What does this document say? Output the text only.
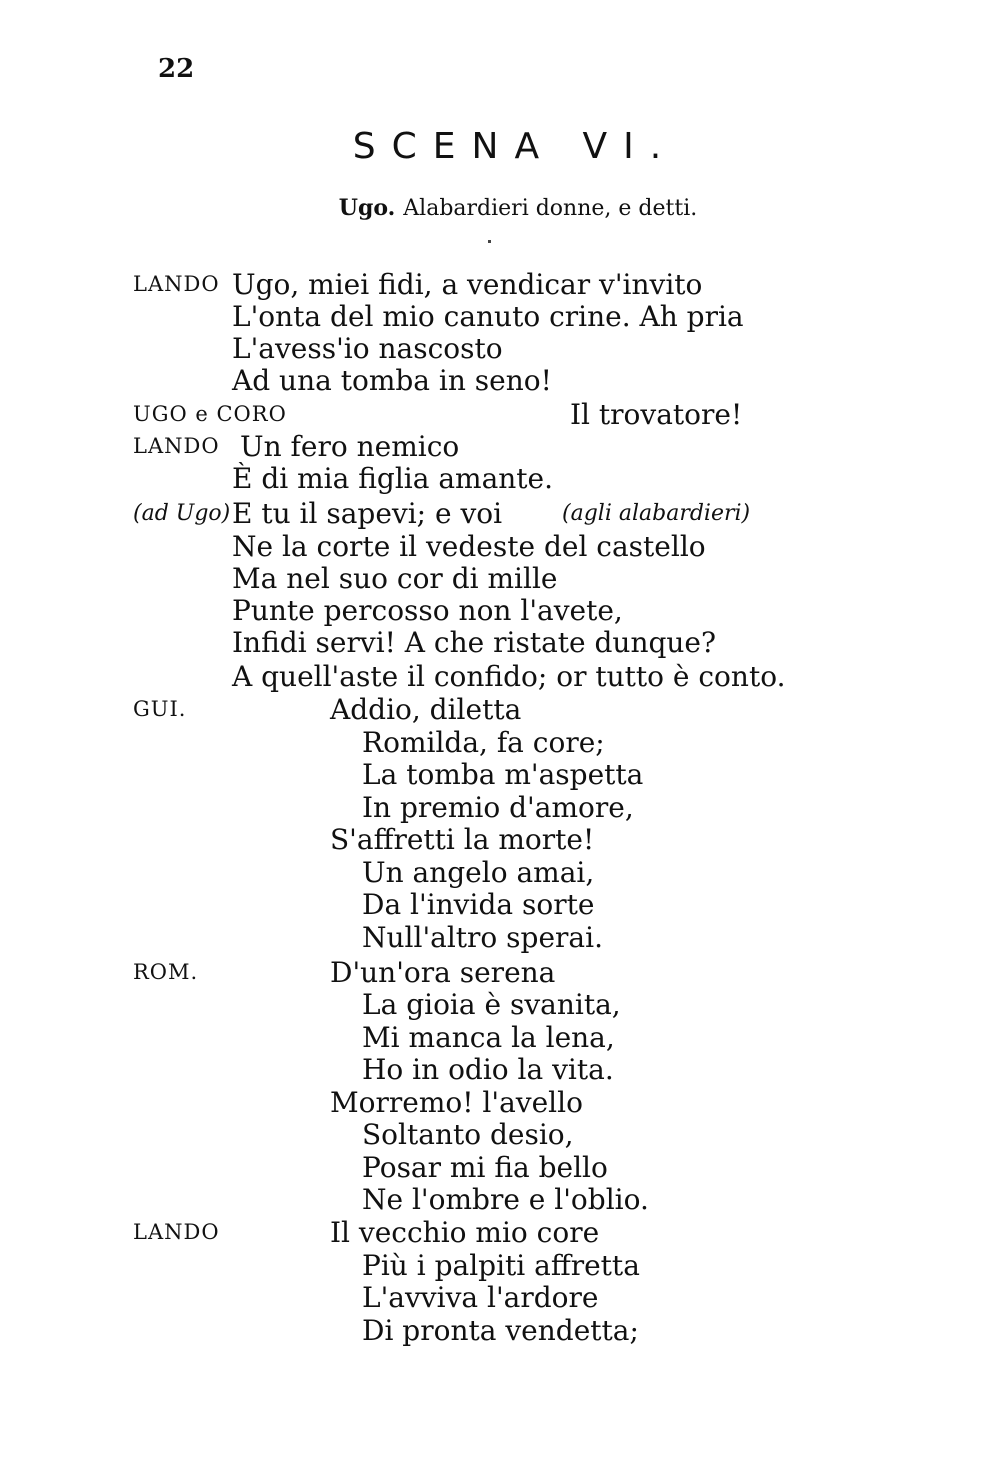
22
SCENA VI.
Ugo. Alabardieri donne, e detti.
LANDO Ugo, miei fidi, a vendicar v'invito
L'onta del mio canuto crine. Ah pria
L'avess'io nascosto
Ad una tomba in seno!
UGO e CORO	Il trovatore!
LANDO Un fero nemico
È di mia figlia amante.
(ad Ugo) E tu il sapevi; e voi	(agli alabardieri)
Ne la corte il vedeste del castello
Ma nel suo cor di mille
Punte percosso non l'avete,
Infidi servi! A che ristate dunque?
A quell'aste il confido; or tutto è conto.
GUI.	Addio, diletta
Romilda, fa core;
La tomba m'aspetta
In premio d'amore,
S'affretti la morte!
Un angelo amai,
Da l'invida sorte
Null'altro sperai.
ROM.	D'un'ora serena
La gioia è svanita,
Mi manca la lena,
Ho in odio la vita.
Morremo! l'avello
Soltanto desio,
Posar mi fia bello
Ne l'ombre e l'oblio.
LANDO	Il vecchio mio core
Più i palpiti affretta
L'avviva l'ardore
Di pronta vendetta;
